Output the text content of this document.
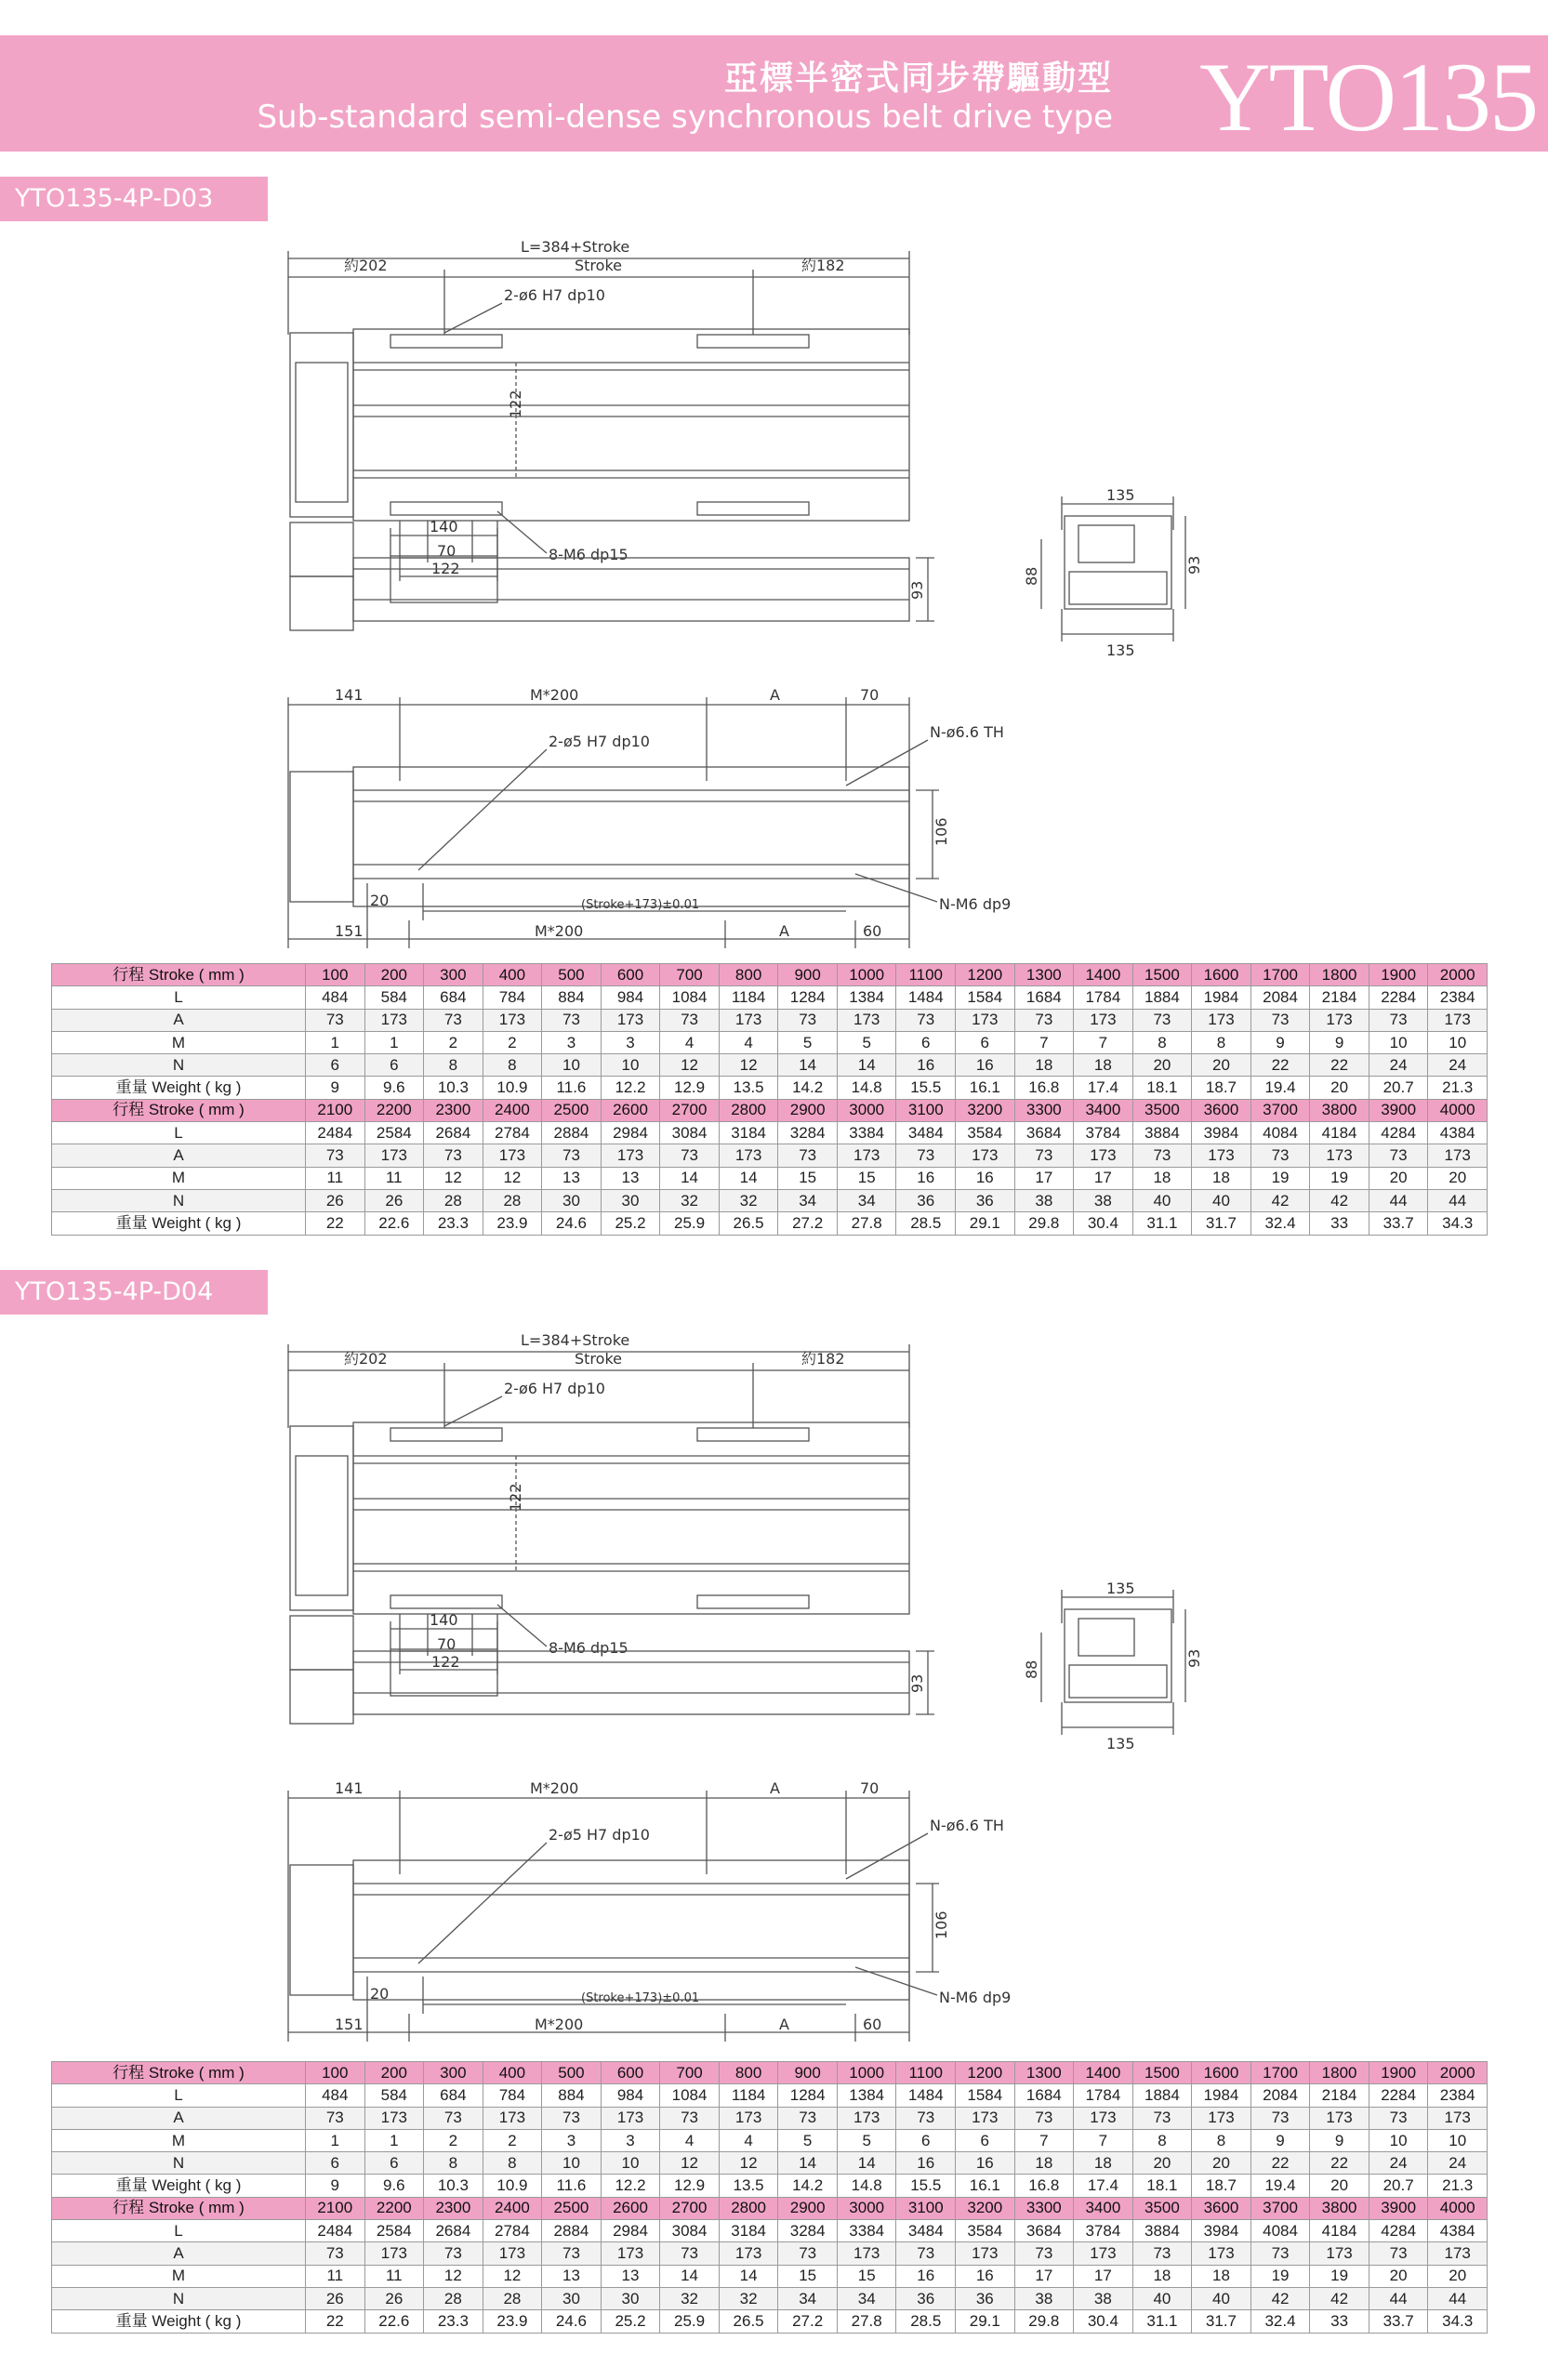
亞標半密式同步帶驅動型
Sub-standard semi-dense synchronous belt drive type YTO135
YTO135-4P-D03
L=384+Stroke
約202	Stroke	約182
2-ø6 H7 dp10
122
70
122
8-M6 dp15
140
93
135
135
88
93
141	M*200	A	70
2-ø5 H7 dp10
N-ø6.6 TH
106
20	(Stroke+173)±0.01	N-M6 dp9
151	M*200	A	60
行程 Stroke ( mm )	100	200	300	400	500	600	700	800	900	1000	1100	1200	1300	1400	1500	1600	1700	1800	1900	2000
L	484	584	684	784	884	984	1084	1184	1284	1384	1484	1584	1684	1784	1884	1984	2084	2184	2284	2384
A	73	173	73	173	73	173	73	173	73	173	73	173	73	173	73	173	73	173	73	173
M	1	1	2	2	3	3	4	4	5	5	6	6	7	7	8	8	9	9	10	10
N	6	6	8	8	10	10	12	12	14	14	16	16	18	18	20	20	22	22	24	24
重量 Weight ( kg )	9	9.6	10.3	10.9	11.6	12.2	12.9	13.5	14.2	14.8	15.5	16.1	16.8	17.4	18.1	18.7	19.4	20	20.7	21.3
行程 Stroke ( mm )	2100	2200	2300	2400	2500	2600	2700	2800	2900	3000	3100	3200	3300	3400	3500	3600	3700	3800	3900	4000
L	2484	2584	2684	2784	2884	2984	3084	3184	3284	3384	3484	3584	3684	3784	3884	3984	4084	4184	4284	4384
A	73	173	73	173	73	173	73	173	73	173	73	173	73	173	73	173	73	173	73	173
M	11	11	12	12	13	13	14	14	15	15	16	16	17	17	18	18	19	19	20	20
N	26	26	28	28	30	30	32	32	34	34	36	36	38	38	40	40	42	42	44	44
重量 Weight ( kg )	22	22.6	23.3	23.9	24.6	25.2	25.9	26.5	27.2	27.8	28.5	29.1	29.8	30.4	31.1	31.7	32.4	33	33.7	34.3
YTO135-4P-D04
L=384+Stroke
約202	Stroke	約182
2-ø6 H7 dp10
122
70
122
8-M6 dp15
140
93
135
135
88
93
141	M*200	A	70
2-ø5 H7 dp10
N-ø6.6 TH
106
20	(Stroke+173)±0.01	N-M6 dp9
151	M*200	A	60
行程 Stroke ( mm )	100	200	300	400	500	600	700	800	900	1000	1100	1200	1300	1400	1500	1600	1700	1800	1900	2000
L	484	584	684	784	884	984	1084	1184	1284	1384	1484	1584	1684	1784	1884	1984	2084	2184	2284	2384
A	73	173	73	173	73	173	73	173	73	173	73	173	73	173	73	173	73	173	73	173
M	1	1	2	2	3	3	4	4	5	5	6	6	7	7	8	8	9	9	10	10
N	6	6	8	8	10	10	12	12	14	14	16	16	18	18	20	20	22	22	24	24
重量 Weight ( kg )	9	9.6	10.3	10.9	11.6	12.2	12.9	13.5	14.2	14.8	15.5	16.1	16.8	17.4	18.1	18.7	19.4	20	20.7	21.3
行程 Stroke ( mm )	2100	2200	2300	2400	2500	2600	2700	2800	2900	3000	3100	3200	3300	3400	3500	3600	3700	3800	3900	4000
L	2484	2584	2684	2784	2884	2984	3084	3184	3284	3384	3484	3584	3684	3784	3884	3984	4084	4184	4284	4384
A	73	173	73	173	73	173	73	173	73	173	73	173	73	173	73	173	73	173	73	173
M	11	11	12	12	13	13	14	14	15	15	16	16	17	17	18	18	19	19	20	20
N	26	26	28	28	30	30	32	32	34	34	36	36	38	38	40	40	42	42	44	44
重量 Weight ( kg )	22	22.6	23.3	23.9	24.6	25.2	25.9	26.5	27.2	27.8	28.5	29.1	29.8	30.4	31.1	31.7	32.4	33	33.7	34.3
